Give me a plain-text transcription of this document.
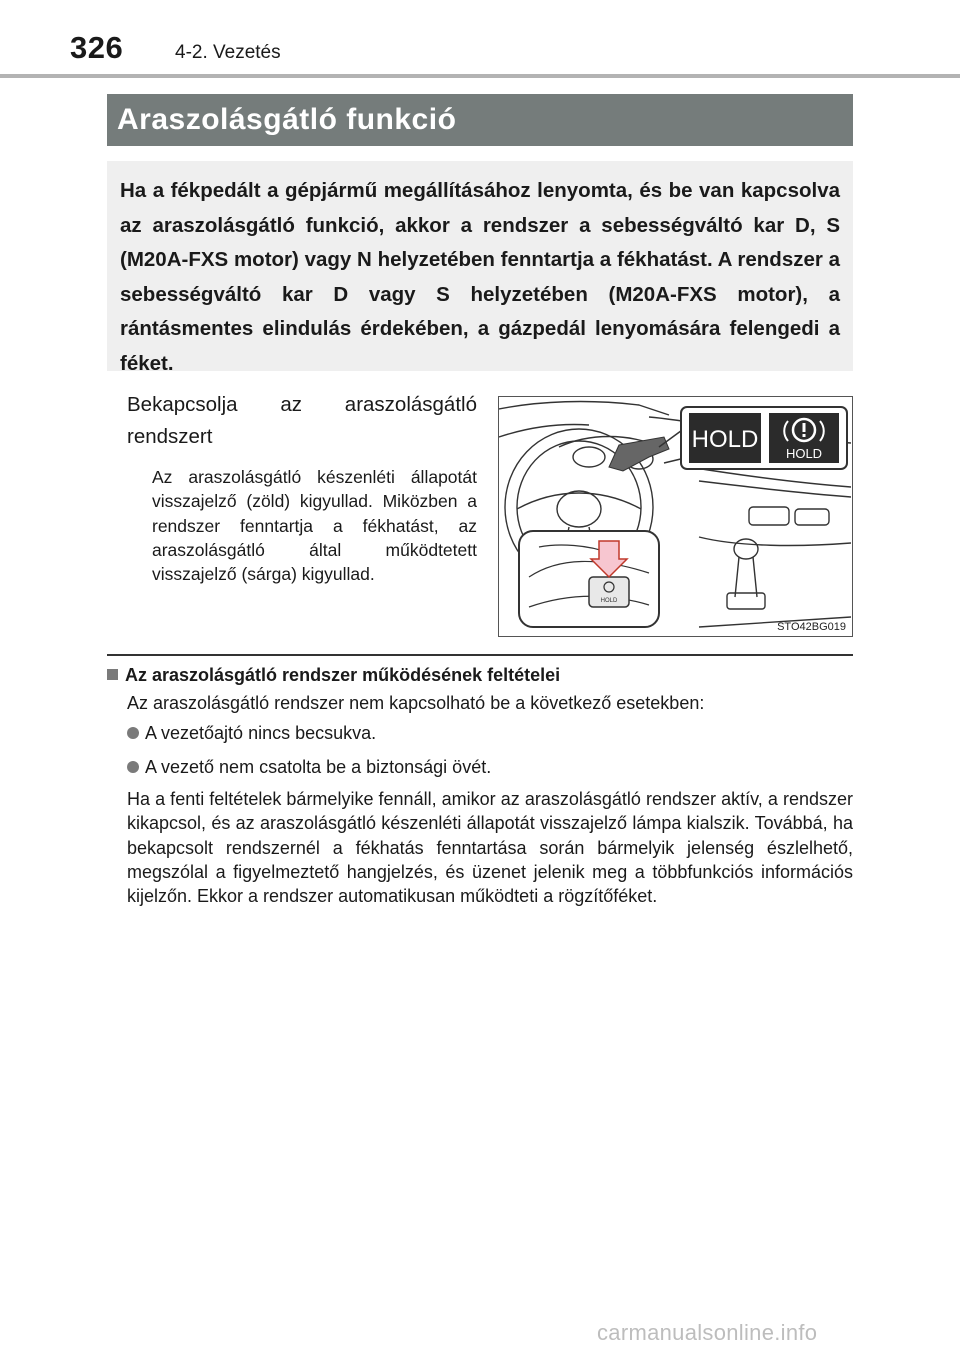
326	4-2. Vezetés
Araszolásgátló funkció
Ha a fékpedált a gépjármű megállításához lenyomta, és be van kapcsolva az araszolásgátló funkció, akkor a rendszer a sebességváltó kar D, S (M20A-FXS motor) vagy N helyzetében fenntartja a fékhatást. A rendszer a sebességváltó kar D vagy S helyzetében (M20A-FXS motor), a rántásmentes elindulás érdekében, a gázpedál lenyomására felengedi a féket.
Bekapcsolja az araszolásgátló rendszert
Az araszolásgátló készenléti állapotát visszajelző (zöld) kigyullad. Miközben a rendszer fenntartja a fékhatást, az araszolásgátló által működtetett visszajelző (sárga) kigyullad.
HOLD
HOLD
HOLD
STO42BG019
Az araszolásgátló rendszer működésének feltételei
Az araszolásgátló rendszer nem kapcsolható be a következő esetekben:
A vezetőajtó nincs becsukva.
A vezető nem csatolta be a biztonsági övét.
Ha a fenti feltételek bármelyike fennáll, amikor az araszolásgátló rendszer aktív, a rendszer kikapcsol, és az araszolásgátló készenléti állapotát visszajelző lámpa kialszik. Továbbá, ha bekapcsolt rendszernél a fékhatás fenntartása során bármelyik jelenség észlelhető, megszólal a figyelmeztető hangjelzés, és üzenet jelenik meg a többfunkciós információs kijelzőn. Ekkor a rendszer automatikusan működteti a rögzítőféket.
carmanualsonline.info
